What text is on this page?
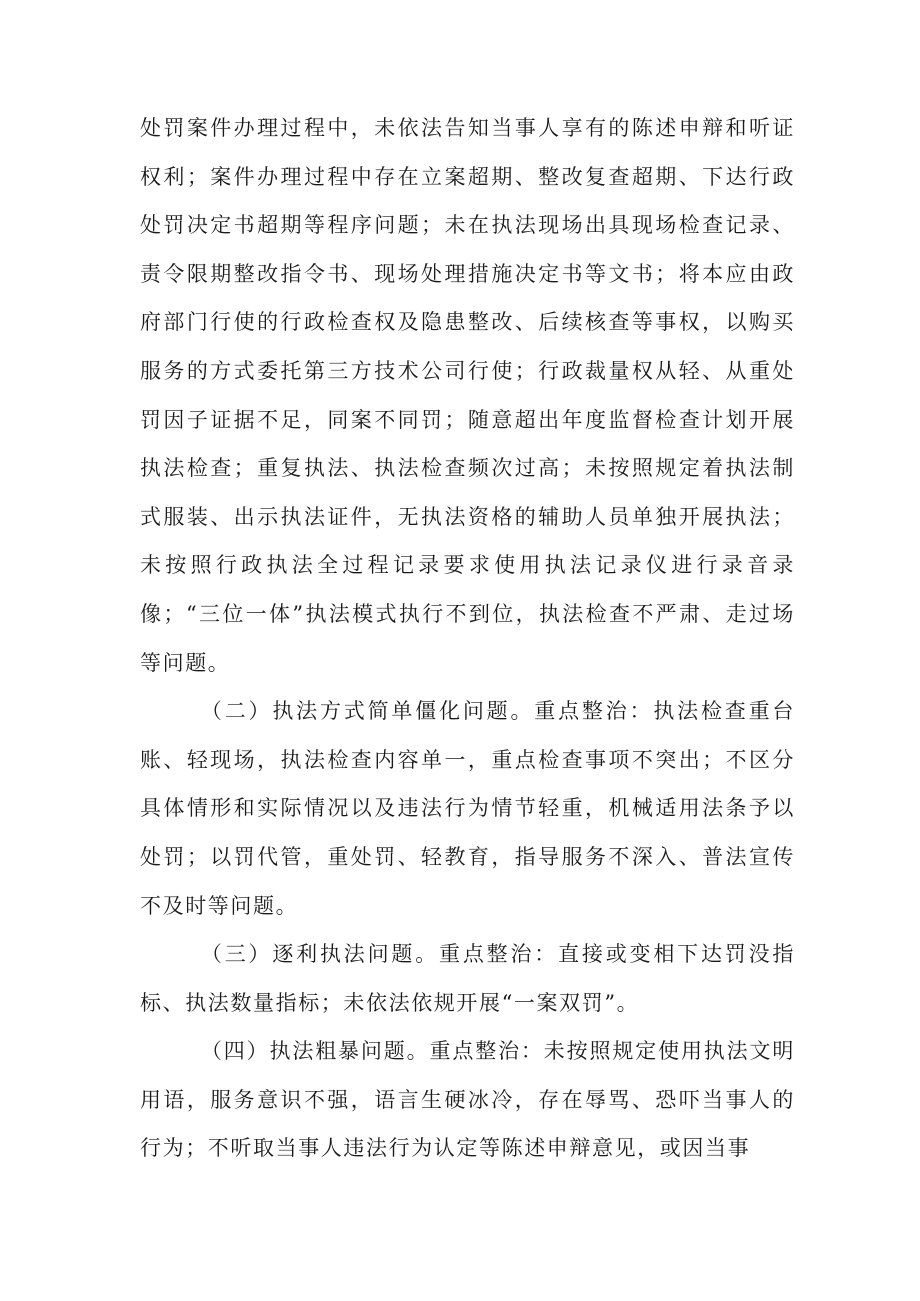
处罚案件办理过程中，未依法告知当事人享有的陈述申辩和听证权利；案件办理过程中存在立案超期、整改复查超期、下达行政处罚决定书超期等程序问题；未在执法现场出具现场检查记录、责令限期整改指令书、现场处理措施决定书等文书；将本应由政府部门行使的行政检查权及隐患整改、后续核查等事权，以购买服务的方式委托第三方技术公司行使；行政裁量权从轻、从重处罚因子证据不足，同案不同罚；随意超出年度监督检查计划开展执法检查；重复执法、执法检查频次过高；未按照规定着执法制式服装、出示执法证件，无执法资格的辅助人员单独开展执法；未按照行政执法全过程记录要求使用执法记录仪进行录音录像；“三位一体”执法模式执行不到位，执法检查不严肃、走过场等问题。

（二）执法方式简单僵化问题。重点整治：执法检查重台账、轻现场，执法检查内容单一，重点检查事项不突出；不区分具体情形和实际情况以及违法行为情节轻重，机械适用法条予以处罚；以罚代管，重处罚、轻教育，指导服务不深入、普法宣传不及时等问题。

（三）逐利执法问题。重点整治：直接或变相下达罚没指标、执法数量指标；未依法依规开展“一案双罚”。

（四）执法粗暴问题。重点整治：未按照规定使用执法文明用语，服务意识不强，语言生硬冰冷，存在辱骂、恐吓当事人的行为；不听取当事人违法行为认定等陈述申辩意见，或因当事
